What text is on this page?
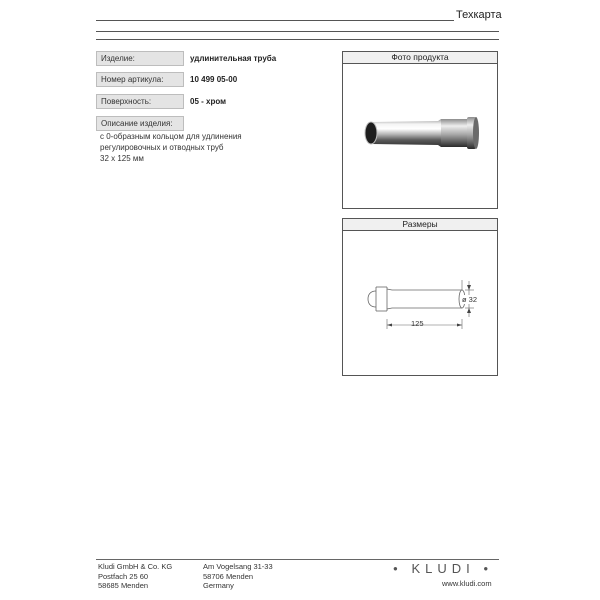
Техкарта
Изделие:	удлинительная труба
Номер артикула:	10 499 05-00
Поверхность:	05 - хром
Описание изделия:
с 0-образным кольцом для удлинения
регулировочных и отводных труб
32 x 125 мм
Фото продукта
Размеры
ø 32
125
Kludi GmbH & Co. KG
Postfach 25 60
58685 Menden
Am Vogelsang 31-33
58706 Menden
Germany
● KLUDI ●
www.kludi.com
